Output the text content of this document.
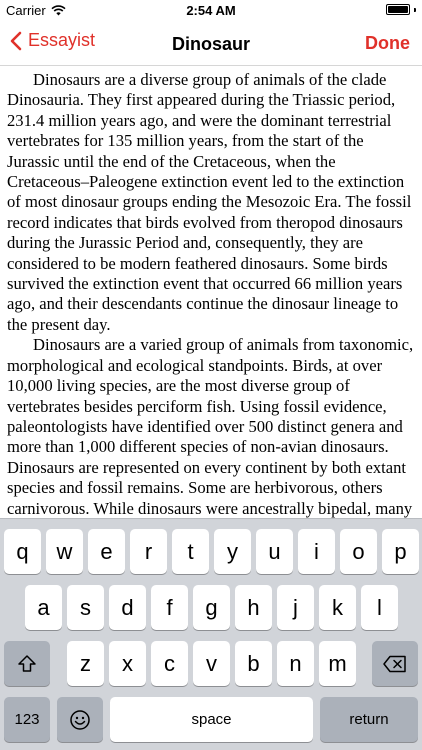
Carrier	2:54 AM
Essayist	Dinosaur	Done

Dinosaurs are a diverse group of animals of the clade Dinosauria. They first appeared during the Triassic period, 231.4 million years ago, and were the dominant terrestrial vertebrates for 135 million years, from the start of the Jurassic until the end of the Cretaceous, when the Cretaceous–Paleogene extinction event led to the extinction of most dinosaur groups ending the Mesozoic Era. The fossil record indicates that birds evolved from theropod dinosaurs during the Jurassic Period and, consequently, they are considered to be modern feathered dinosaurs. Some birds survived the extinction event that occurred 66 million years ago, and their descendants continue the dinosaur lineage to the present day.

Dinosaurs are a varied group of animals from taxonomic, morphological and ecological standpoints. Birds, at over 10,000 living species, are the most diverse group of vertebrates besides perciform fish. Using fossil evidence, paleontologists have identified over 500 distinct genera and more than 1,000 different species of non-avian dinosaurs. Dinosaurs are represented on every continent by both extant species and fossil remains. Some are herbivorous, others carnivorous. While dinosaurs were ancestrally bipedal, many

q	w	e	r	t	y	u	i	o	p
a	s	d	f	g	h	j	k	l
z	x	c	v	b	n	m
123	space	return
